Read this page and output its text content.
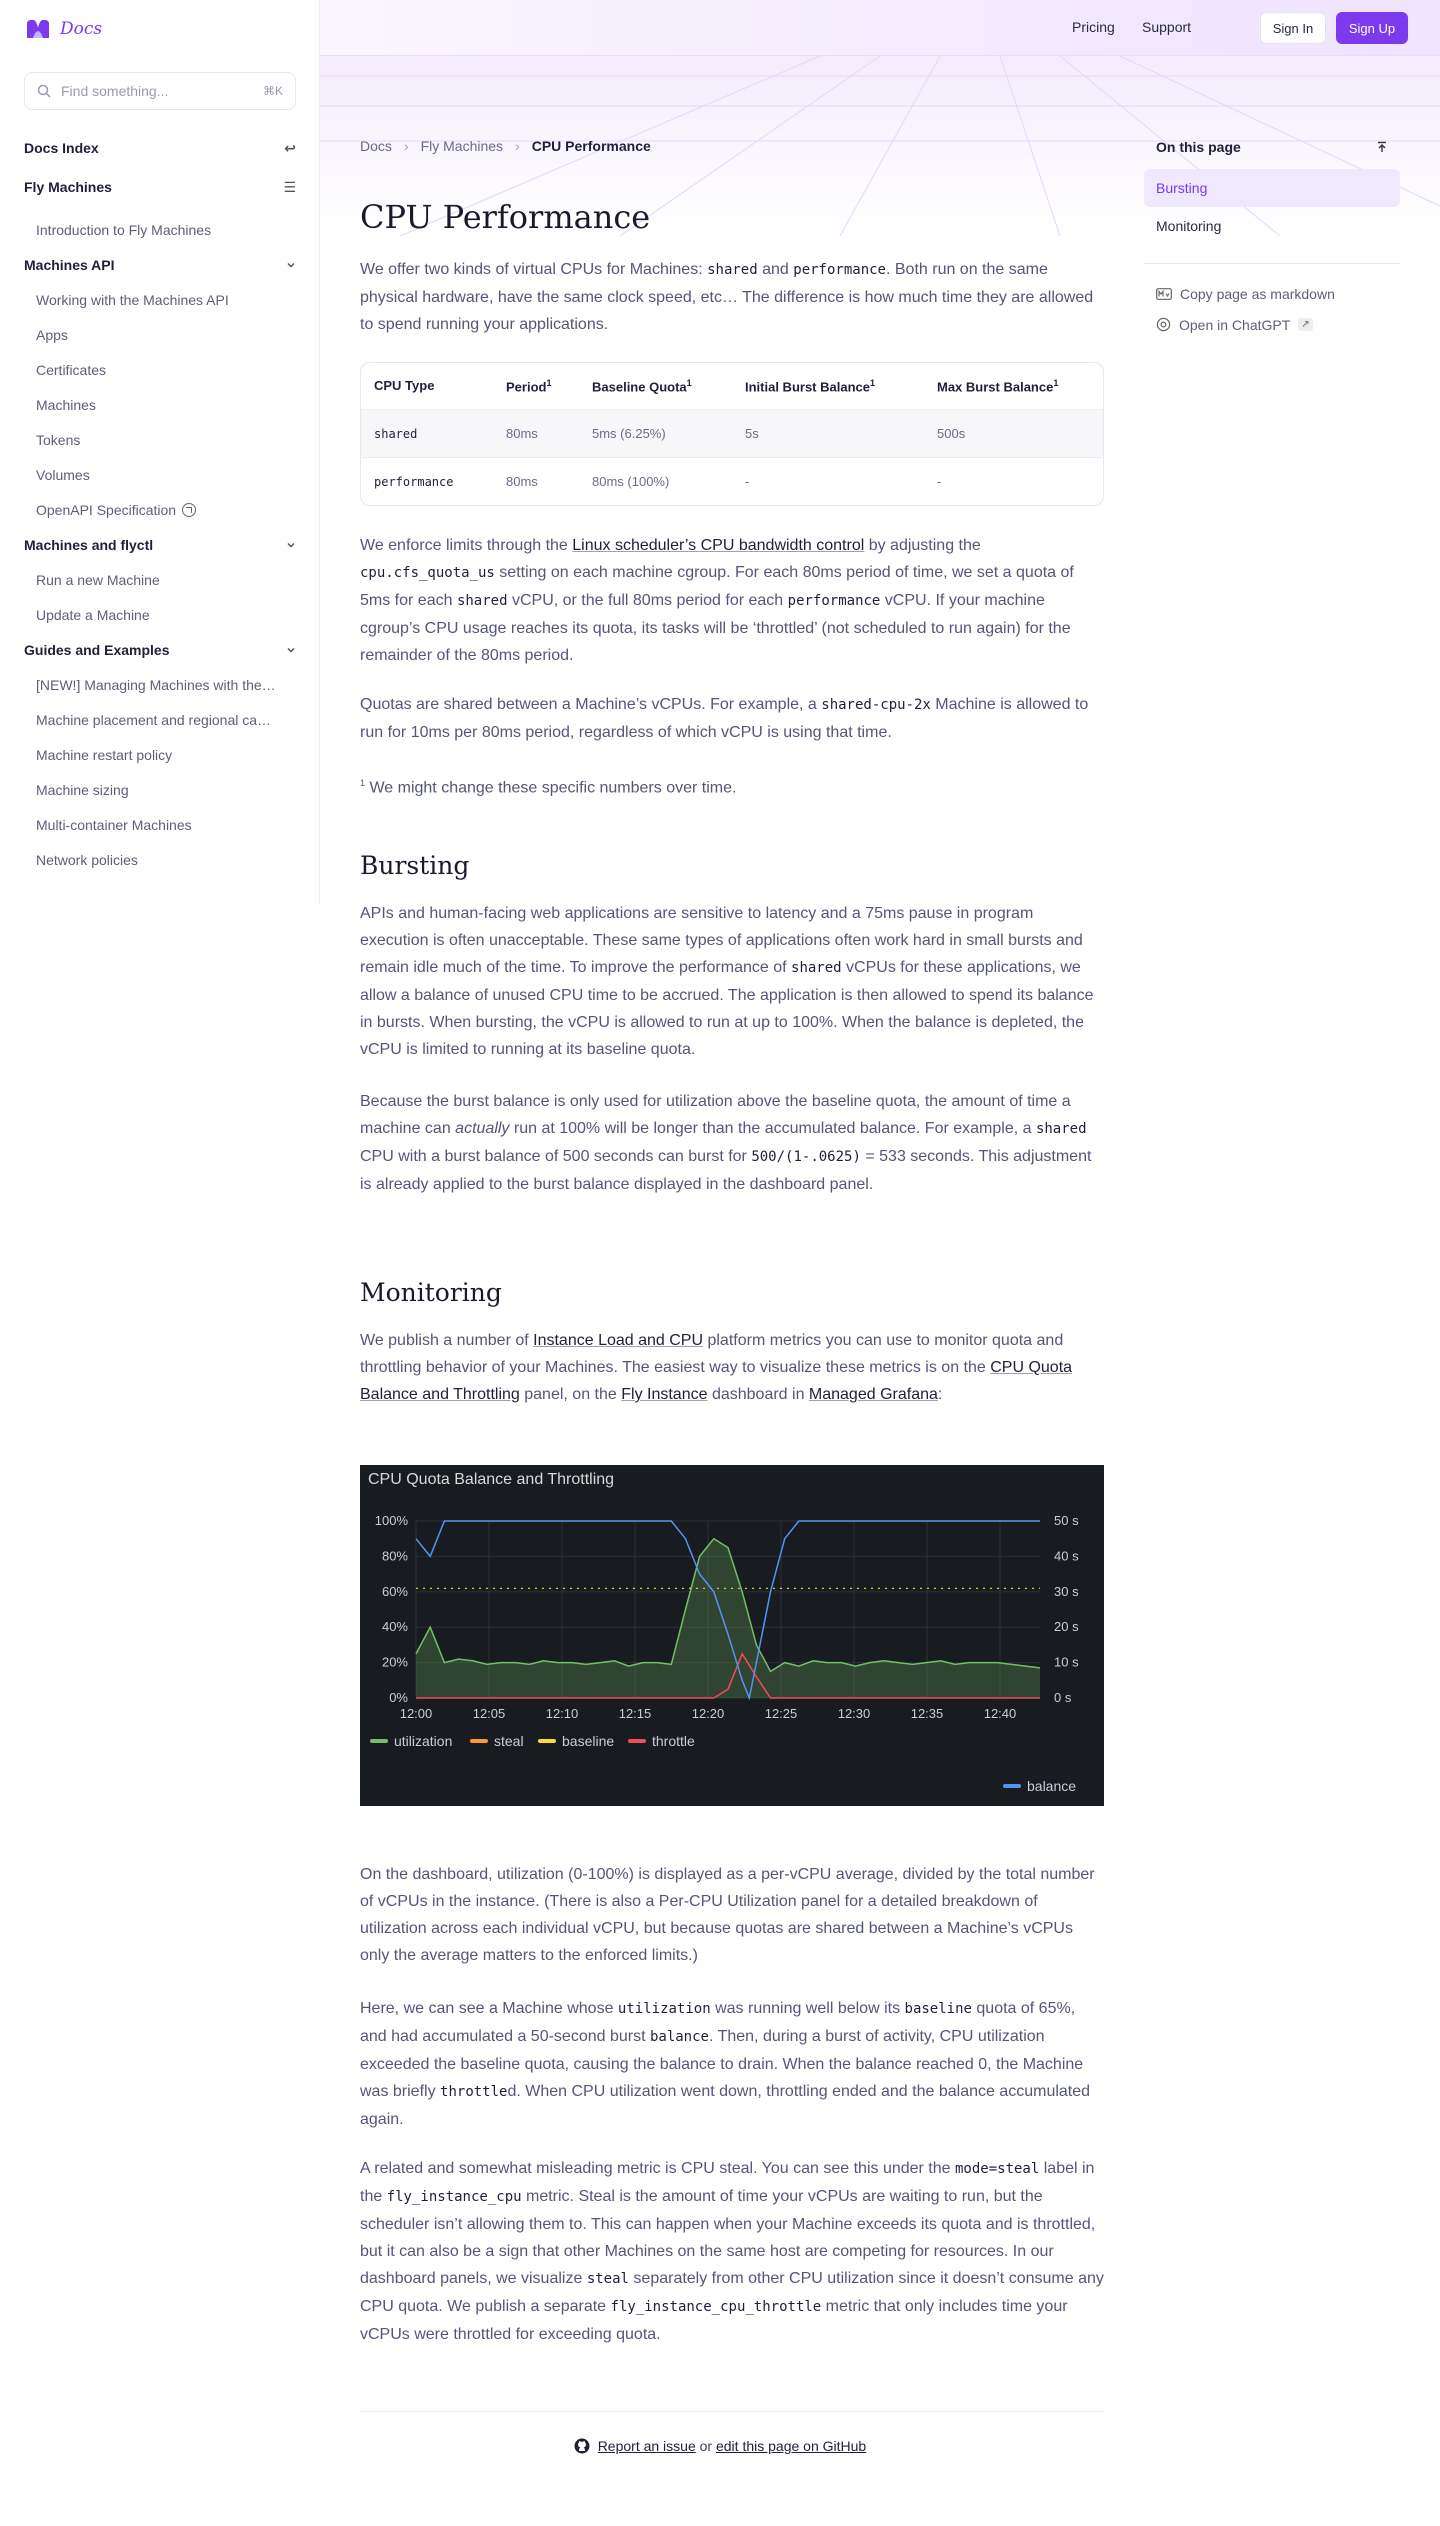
Docs
Find something...	⌘K
Docs Index	↩
Fly Machines	☰
Introduction to Fly Machines
Machines API
Working with the Machines API
Apps
Certificates
Machines
Tokens
Volumes
OpenAPI Specification
Machines and flyctl
Run a new Machine
Update a Machine
Guides and Examples
[NEW!] Managing Machines with the…
Machine placement and regional ca…
Machine restart policy
Machine sizing
Multi-container Machines
Network policies
Pricing Support	Sign In	Sign Up
Docs › Fly Machines › CPU Performance
CPU Performance

We offer two kinds of virtual CPUs for Machines: shared and performance. Both run on the same physical hardware, have the same clock speed, etc… The difference is how much time they are allowed to spend running your applications.

CPU Type	Period$^1$	Baseline Quota$^1$	Initial Burst Balance$^1$	Max Burst Balance$^1$
shared	80ms	5ms (6.25%)	5s	500s
performance	80ms	80ms (100%)	-	-

We enforce limits through the Linux scheduler’s CPU bandwidth control by adjusting the cpu.cfs_quota_us setting on each machine cgroup. For each 80ms period of time, we set a quota of 5ms for each shared vCPU, or the full 80ms period for each performance vCPU. If your machine cgroup’s CPU usage reaches its quota, its tasks will be ‘throttled’ (not scheduled to run again) for the remainder of the 80ms period.

Quotas are shared between a Machine’s vCPUs. For example, a shared-cpu-2x Machine is allowed to run for 10ms per 80ms period, regardless of which vCPU is using that time.

$^1$ We might change these specific numbers over time.

Bursting

APIs and human-facing web applications are sensitive to latency and a 75ms pause in program execution is often unacceptable. These same types of applications often work hard in small bursts and remain idle much of the time. To improve the performance of shared vCPUs for these applications, we allow a balance of unused CPU time to be accrued. The application is then allowed to spend its balance in bursts. When bursting, the vCPU is allowed to run at up to 100%. When the balance is depleted, the vCPU is limited to running at its baseline quota.

Because the burst balance is only used for utilization above the baseline quota, the amount of time a machine can actually run at 100% will be longer than the accumulated balance. For example, a shared CPU with a burst balance of 500 seconds can burst for 500/(1-.0625) = 533 seconds. This adjustment is already applied to the burst balance displayed in the dashboard panel.

Monitoring

We publish a number of Instance Load and CPU platform metrics you can use to monitor quota and throttling behavior of your Machines. The easiest way to visualize these metrics is on the CPU Quota Balance and Throttling panel, on the Fly Instance dashboard in Managed Grafana:

CPU Quota Balance and Throttling
100%
80%
60%
40%
20%
0%
50 s
40 s
30 s
20 s
10 s
0 s
12:00	12:05	12:10	12:15	12:20	12:25	12:30	12:35	12:40
utilization	steal	baseline	throttle
balance

On the dashboard, utilization (0-100%) is displayed as a per-vCPU average, divided by the total number of vCPUs in the instance. (There is also a Per-CPU Utilization panel for a detailed breakdown of utilization across each individual vCPU, but because quotas are shared between a Machine’s vCPUs only the average matters to the enforced limits.)

Here, we can see a Machine whose utilization was running well below its baseline quota of 65%, and had accumulated a 50-second burst balance. Then, during a burst of activity, CPU utilization exceeded the baseline quota, causing the balance to drain. When the balance reached 0, the Machine was briefly throttled. When CPU utilization went down, throttling ended and the balance accumulated again.

A related and somewhat misleading metric is CPU steal. You can see this under the mode=steal label in the fly_instance_cpu metric. Steal is the amount of time your vCPUs are waiting to run, but the scheduler isn’t allowing them to. This can happen when your Machine exceeds its quota and is throttled, but it can also be a sign that other Machines on the same host are competing for resources. In our dashboard panels, we visualize steal separately from other CPU utilization since it doesn’t consume any CPU quota. We publish a separate fly_instance_cpu_throttle metric that only includes time your vCPUs were throttled for exceeding quota.

Report an issue or edit this page on GitHub
On this page
Bursting
Monitoring
Copy page as markdown
Open in ChatGPT	↗
